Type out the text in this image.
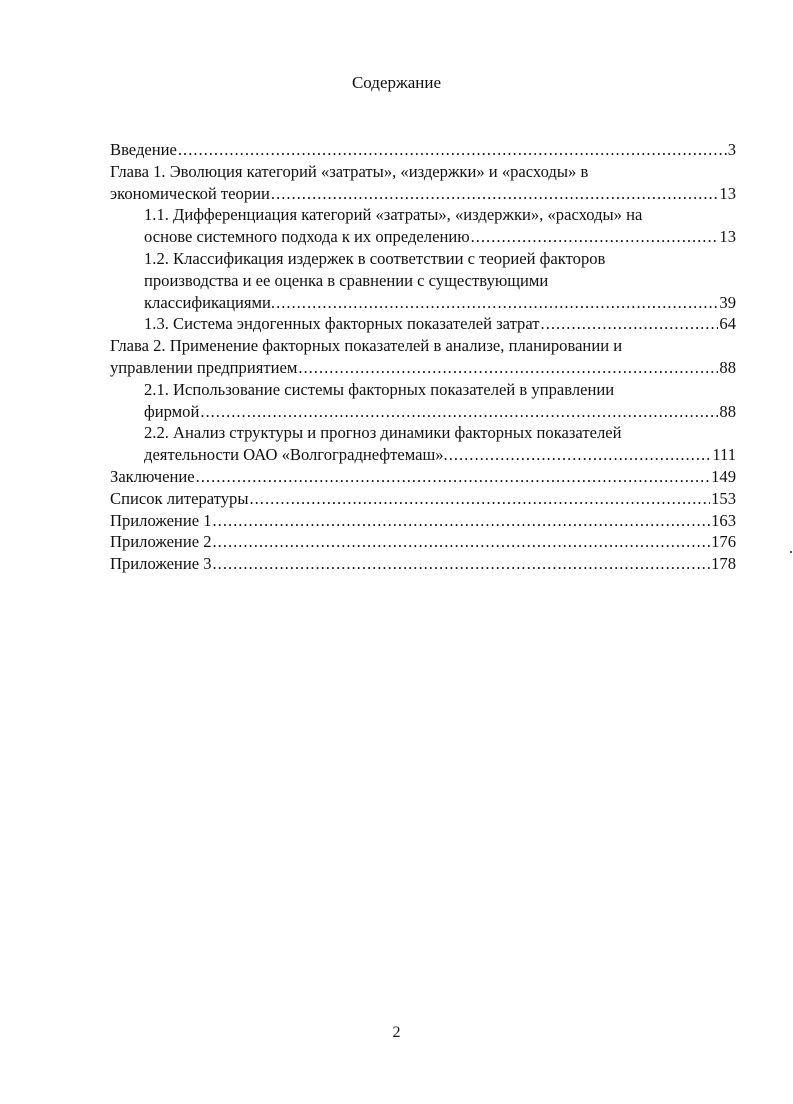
Содержание
Введение .....	3
Глава 1. Эволюция категорий «затраты», «издержки» и «расходы» в
экономической теории .....	13
1.1. Дифференциация категорий «затраты», «издержки», «расходы» на
основе системного подхода к их определению .....	13
1.2. Классификация издержек в соответствии с теорией факторов
производства и ее оценка в сравнении с существующими
классификациями. .....	39
1.3. Система эндогенных факторных показателей затрат .....	64
Глава 2. Применение факторных показателей в анализе, планировании и
управлении предприятием .....	88
2.1. Использование системы факторных показателей в управлении
фирмой .....	88
2.2. Анализ структуры и прогноз динамики факторных показателей
деятельности ОАО «Волгограднефтемаш». .....	111
Заключение .....	149
Список литературы .....	153
Приложение 1 .....	163
Приложение 2 .....	176
Приложение 3 .....	178
2
